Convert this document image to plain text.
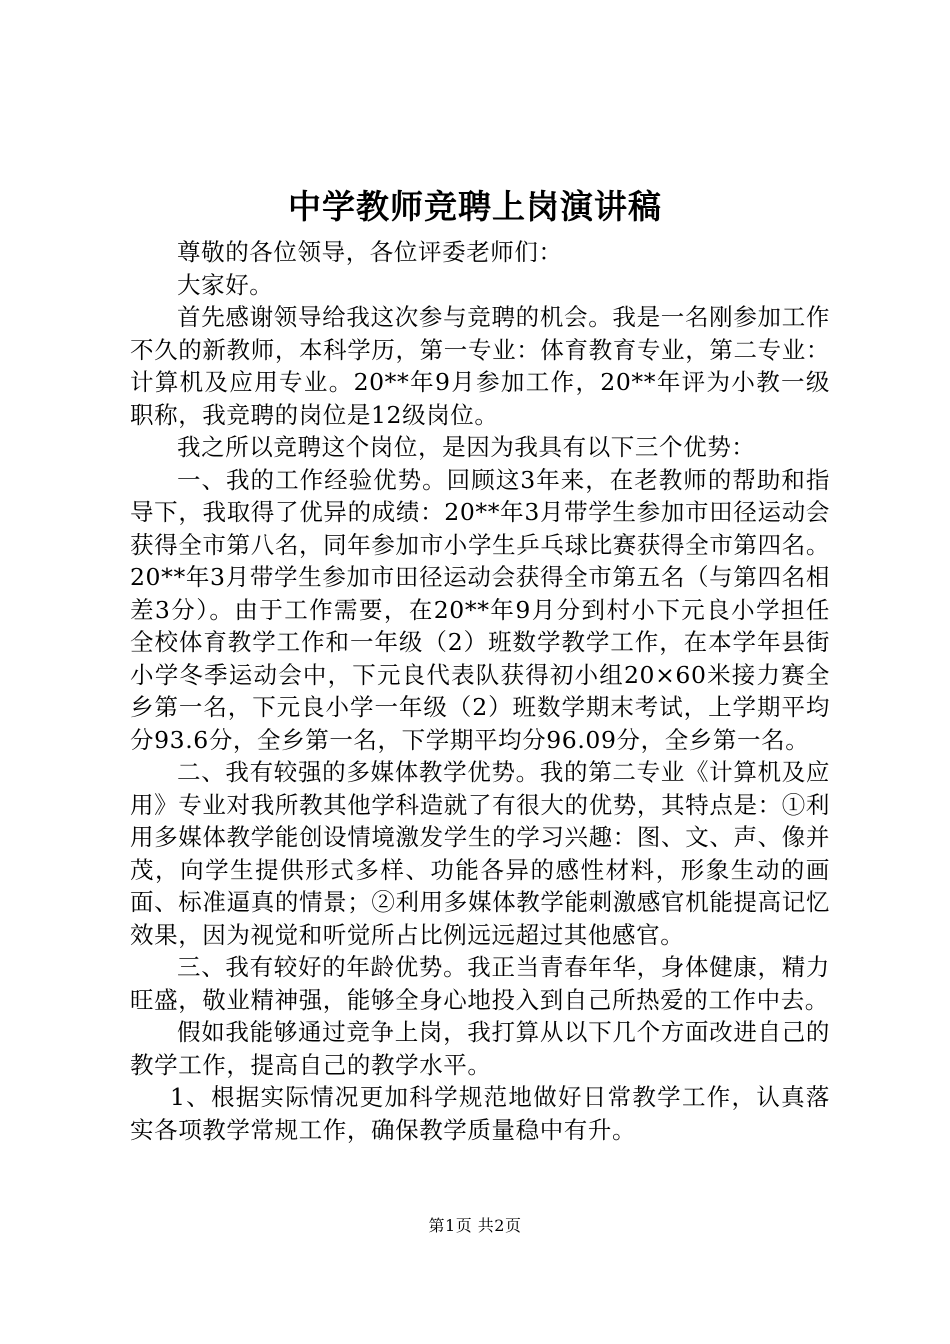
中学教师竞聘上岗演讲稿

尊敬的各位领导，各位评委老师们：

大家好。

首先感谢领导给我这次参与竞聘的机会。我是一名刚参加工作不久的新教师，本科学历，第一专业：体育教育专业，第二专业：计算机及应用专业。20**年9月参加工作，20**年评为小教一级职称，我竞聘的岗位是12级岗位。

我之所以竞聘这个岗位，是因为我具有以下三个优势：

一、我的工作经验优势。回顾这3年来，在老教师的帮助和指导下，我取得了优异的成绩：20**年3月带学生参加市田径运动会获得全市第八名，同年参加市小学生乒乓球比赛获得全市第四名。20**年3月带学生参加市田径运动会获得全市第五名（与第四名相差3分）。由于工作需要，在20**年9月分到村小下元良小学担任全校体育教学工作和一年级（2）班数学教学工作，在本学年县街小学冬季运动会中，下元良代表队获得初小组20×60米接力赛全乡第一名，下元良小学一年级（2）班数学期末考试，上学期平均分93.6分，全乡第一名，下学期平均分96.09分，全乡第一名。

二、我有较强的多媒体教学优势。我的第二专业《计算机及应用》专业对我所教其他学科造就了有很大的优势，其特点是：①利用多媒体教学能创设情境激发学生的学习兴趣：图、文、声、像并茂，向学生提供形式多样、功能各异的感性材料，形象生动的画面、标准逼真的情景；②利用多媒体教学能刺激感官机能提高记忆效果，因为视觉和听觉所占比例远远超过其他感官。

三、我有较好的年龄优势。我正当青春年华，身体健康，精力旺盛，敬业精神强，能够全身心地投入到自己所热爱的工作中去。

假如我能够通过竞争上岗，我打算从以下几个方面改进自己的教学工作，提高自己的教学水平。

1、根据实际情况更加科学规范地做好日常教学工作，认真落实各项教学常规工作，确保教学质量稳中有升。

第1页 共2页
